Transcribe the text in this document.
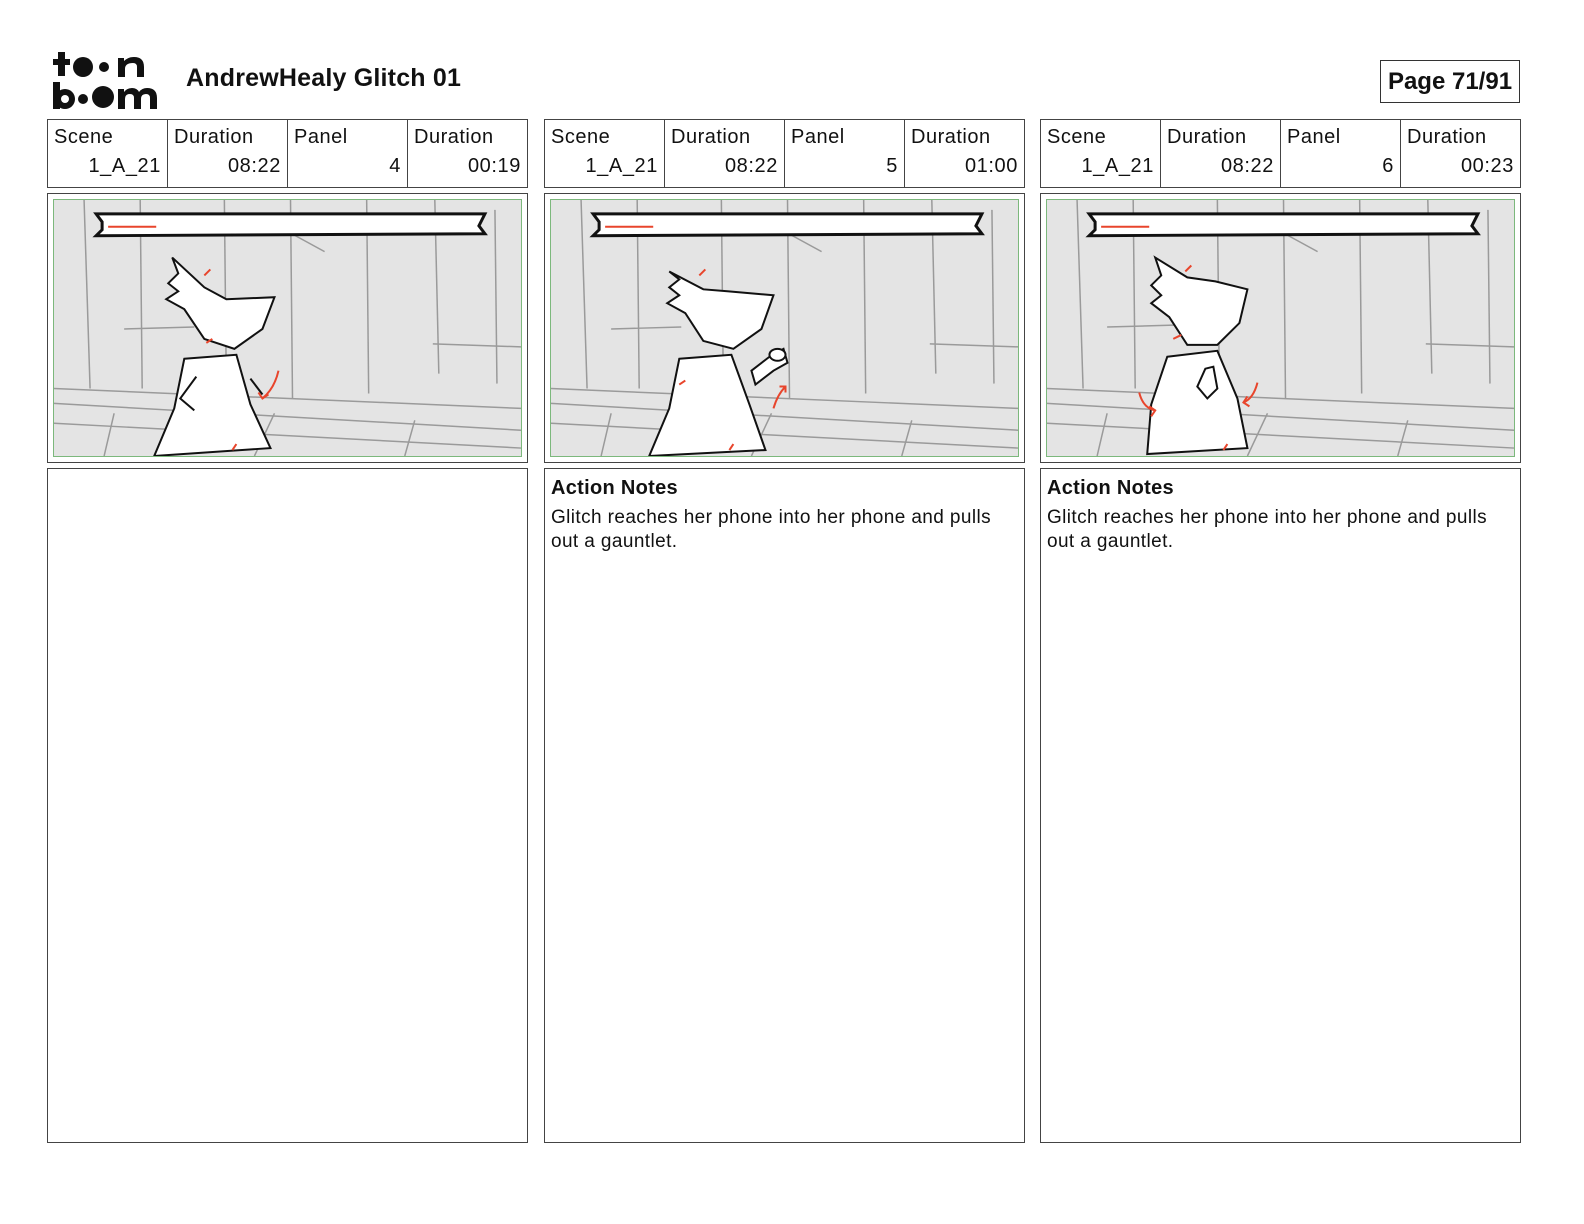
AndrewHealy Glitch 01	Page 71/91
Scene
1_A_21
Duration
08:22
Panel
4
Duration
00:19
Scene
1_A_21
Duration
08:22
Panel
5
Duration
01:00
Action Notes
Glitch reaches her phone into her phone and pulls out a gauntlet.
Scene
1_A_21
Duration
08:22
Panel
6
Duration
00:23
Action Notes
Glitch reaches her phone into her phone and pulls out a gauntlet.
